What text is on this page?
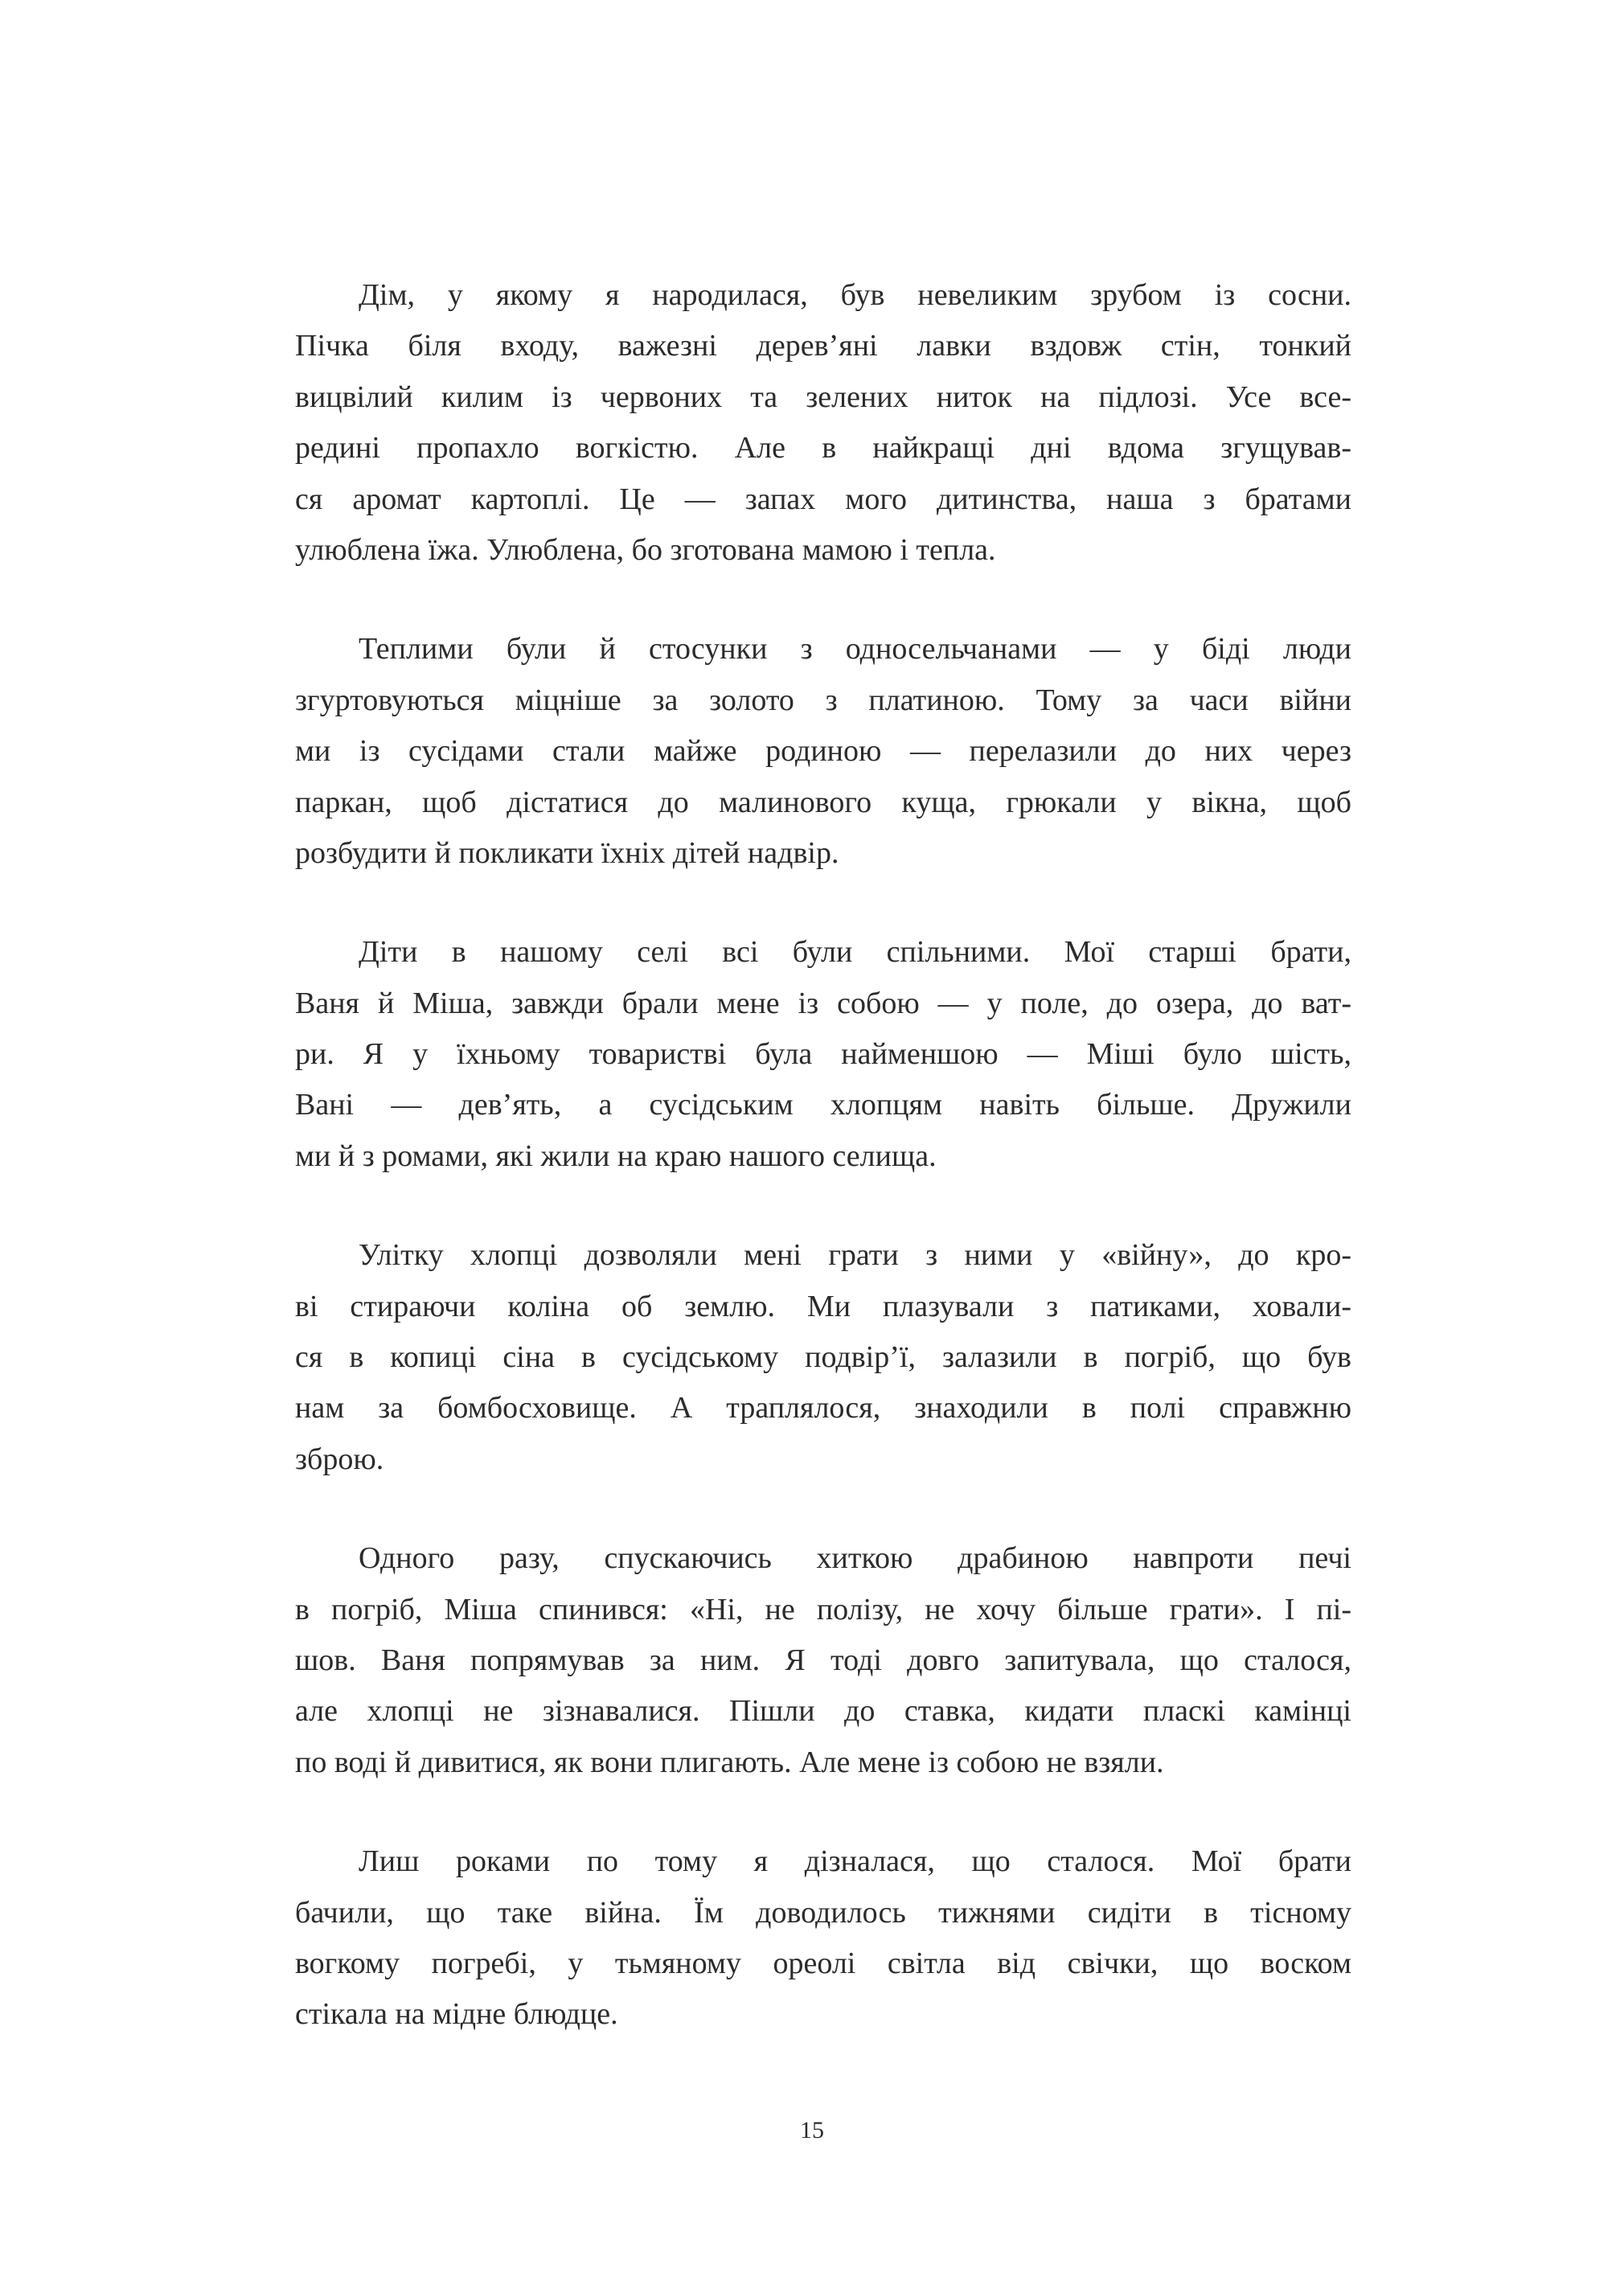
Дім, у якому я народилася, був невеликим зрубом із сосни.
Пічка біля входу, важезні дерев’яні лавки вздовж стін, тонкий
вицвілий килим із червоних та зелених ниток на підлозі. Усе все-
редині пропахло вогкістю. Але в найкращі дні вдома згущував-
ся аромат картоплі. Це — запах мого дитинства, наша з братами
улюблена їжа. Улюблена, бо зготована мамою і тепла.
Теплими були й стосунки з односельчанами — у біді люди
згуртовуються міцніше за золото з платиною. Тому за часи війни
ми із сусідами стали майже родиною — перелазили до них через
паркан, щоб дістатися до малинового куща, грюкали у вікна, щоб
розбудити й покликати їхніх дітей надвір.
Діти в нашому селі всі були спільними. Мої старші брати,
Ваня й Міша, завжди брали мене із собою — у поле, до озера, до ват-
ри. Я у їхньому товаристві була найменшою — Міші було шість,
Вані — дев’ять, а сусідським хлопцям навіть більше. Дружили
ми й з ромами, які жили на краю нашого селища.
Улітку хлопці дозволяли мені грати з ними у «війну», до кро-
ві стираючи коліна об землю. Ми плазували з патиками, ховали-
ся в копиці сіна в сусідському подвір’ї, залазили в погріб, що був
нам за бомбосховище. А траплялося, знаходили в полі справжню
зброю.
Одного разу, спускаючись хиткою драбиною навпроти печі
в погріб, Міша спинився: «Ні, не полізу, не хочу більше грати». І пі-
шов. Ваня попрямував за ним. Я тоді довго запитувала, що сталося,
але хлопці не зізнавалися. Пішли до ставка, кидати пласкі камінці
по воді й дивитися, як вони плигають. Але мене із собою не взяли.
Лиш роками по тому я дізналася, що сталося. Мої брати
бачили, що таке війна. Їм доводилось тижнями сидіти в тісному
вогкому погребі, у тьмяному ореолі світла від свічки, що воском
стікала на мідне блюдце.
15
